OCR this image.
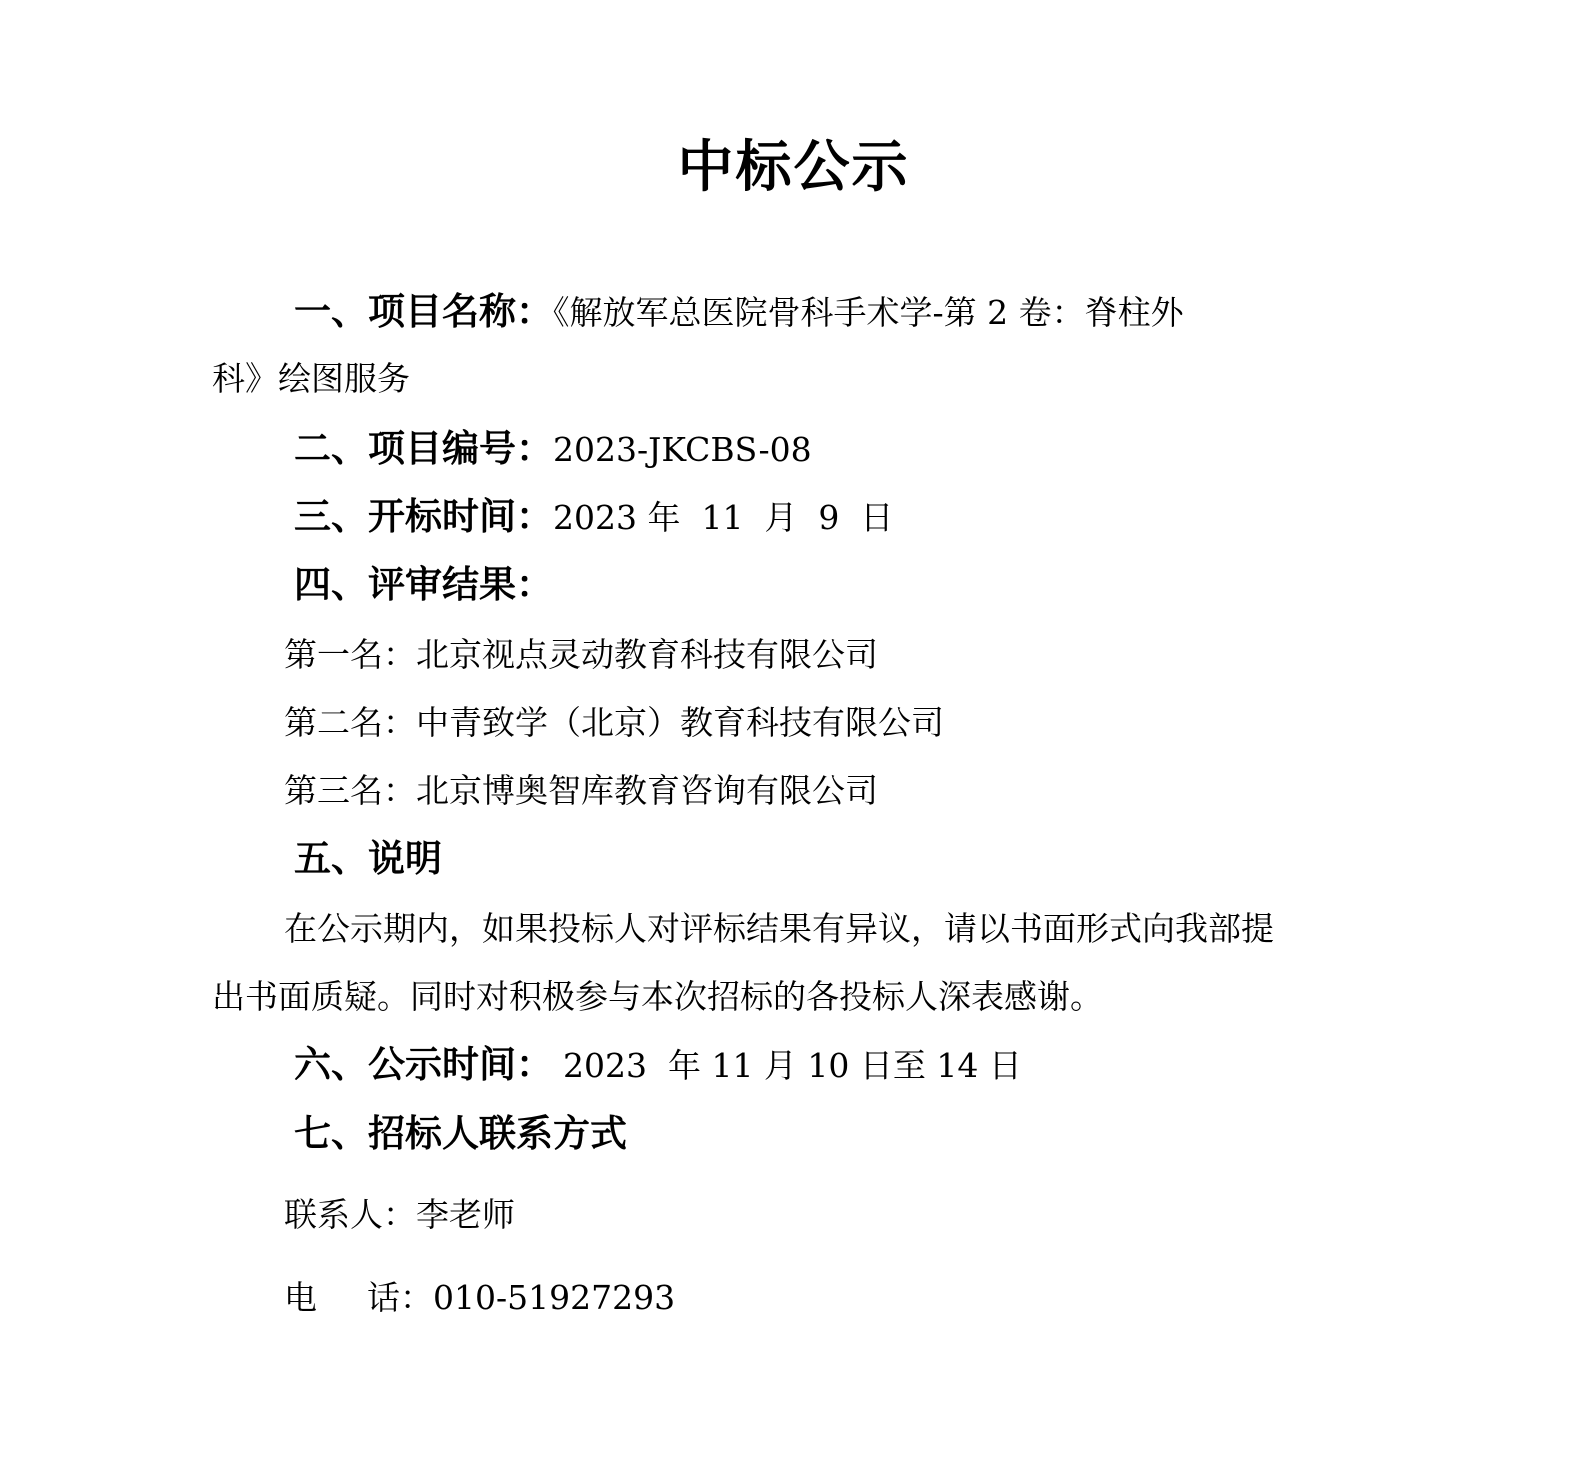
中标公示
一、项目名称：《解放军总医院骨科手术学-第 2 卷：脊柱外
科》绘图服务
二、项目编号：2023-JKCBS-08
三、开标时间：2023 年  11  月  9  日
四、评审结果：
第一名：北京视点灵动教育科技有限公司
第二名：中青致学（北京）教育科技有限公司
第三名：北京博奥智库教育咨询有限公司
五、说明
在公示期内，如果投标人对评标结果有异议，请以书面形式向我部提
出书面质疑。同时对积极参与本次招标的各投标人深表感谢。
六、公示时间： 2023  年 11 月 10 日至 14 日
七、招标人联系方式
联系人：李老师
电 话：010-51927293
